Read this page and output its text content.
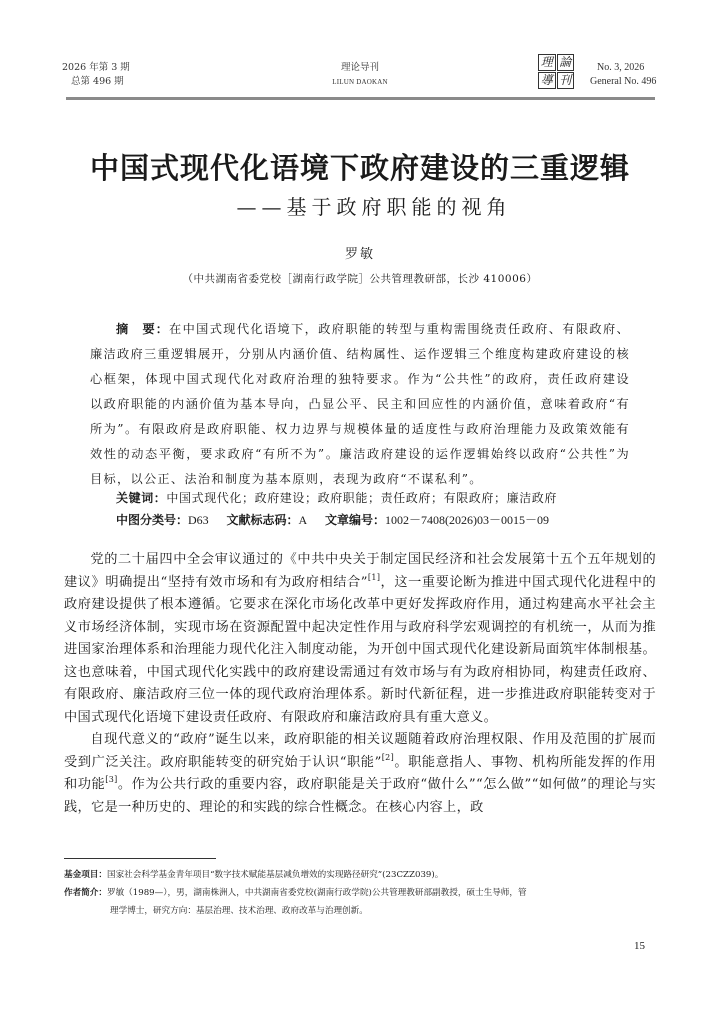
2026 年第 3 期
总第 496 期
理论导刊
LILUN DAOKAN
理 論
導 刊
No. 3, 2026
General No. 496
中国式现代化语境下政府建设的三重逻辑
——基于政府职能的视角
罗敏
（中共湖南省委党校［湖南行政学院］公共管理教研部，长沙 410006）
摘　要：在中国式现代化语境下，政府职能的转型与重构需围绕责任政府、有限政府、廉洁政府三重逻辑展开，分别从内涵价值、结构属性、运作逻辑三个维度构建政府建设的核心框架，体现中国式现代化对政府治理的独特要求。作为“公共性”的政府，责任政府建设以政府职能的内涵价值为基本导向，凸显公平、民主和回应性的内涵价值，意味着政府“有所为”。有限政府是政府职能、权力边界与规模体量的适度性与政府治理能力及政策效能有效性的动态平衡，要求政府“有所不为”。廉洁政府建设的运作逻辑始终以政府“公共性”为目标，以公正、法治和制度为基本原则，表现为政府“不谋私利”。
关键词：中国式现代化；政府建设；政府职能；责任政府；有限政府；廉洁政府
中图分类号：D63 文献标志码：A 文章编号：1002－7408(2026)03－0015－09

党的二十届四中全会审议通过的《中共中央关于制定国民经济和社会发展第十五个五年规划的建议》明确提出“坚持有效市场和有为政府相结合”[1]，这一重要论断为推进中国式现代化进程中的政府建设提供了根本遵循。它要求在深化市场化改革中更好发挥政府作用，通过构建高水平社会主义市场经济体制，实现市场在资源配置中起决定性作用与政府科学宏观调控的有机统一，从而为推进国家治理体系和治理能力现代化注入制度动能，为开创中国式现代化建设新局面筑牢体制根基。这也意味着，中国式现代化实践中的政府建设需通过有效市场与有为政府相协同，构建责任政府、有限政府、廉洁政府三位一体的现代政府治理体系。新时代新征程，进一步推进政府职能转变对于中国式现代化语境下建设责任政府、有限政府和廉洁政府具有重大意义。

自现代意义的“政府”诞生以来，政府职能的相关议题随着政府治理权限、作用及范围的扩展而受到广泛关注。政府职能转变的研究始于认识“职能”[2]。职能意指人、事物、机构所能发挥的作用和功能[3]。作为公共行政的重要内容，政府职能是关于政府“做什么”“怎么做”“如何做”的理论与实践，它是一种历史的、理论的和实践的综合性概念。在核心内容上，政

基金项目：国家社会科学基金青年项目“数字技术赋能基层减负增效的实现路径研究”(23CZZ039)。
作者简介：罗敏（1989—），男，湖南株洲人，中共湖南省委党校(湖南行政学院)公共管理教研部副教授，硕士生导师，管
理学博士，研究方向：基层治理、技术治理、政府改革与治理创新。
15
